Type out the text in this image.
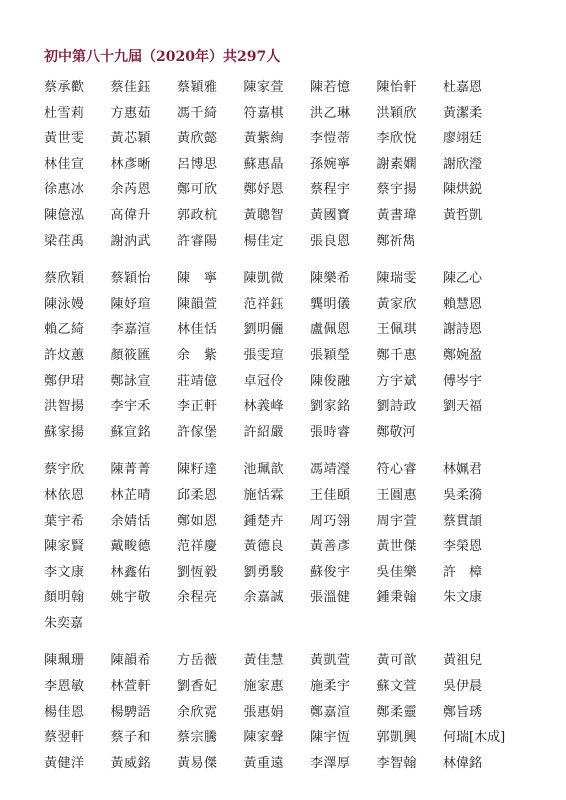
初中第八十九屆（2020年）共297人
蔡承歡	蔡佳鈺	蔡穎雅	陳家萱	陳若憶	陳怡軒	杜嘉恩
杜雪莉	方惠茹	馮千綺	符嘉棋	洪乙琳	洪穎欣	黃潔柔
黃世雯	黃芯穎	黃欣懿	黃紫絢	李愷蒂	李欣悅	廖翊廷
林佳宣	林彥晰	呂博思	蘇惠晶	孫婉寧	謝素嫻	謝欣瀅
徐惠冰	余芮恩	鄭可欣	鄭妤恩	蔡程宇	蔡宇揚	陳烘鋭
陳億泓	高偉升	郭政杭	黃聰智	黃國寶	黃書瑋	黃哲凱
梁荏禹	謝汭武	許睿陽	楊佳定	張良恩	鄭祈雋
蔡欣穎	蔡穎怡	陳　寧	陳凱微	陳樂希	陳瑞雯	陳乙心
陳泳嫚	陳妤瑄	陳韻萱	范祥鈺	龔明儀	黃家欣	賴慧恩
賴乙綺	李嘉渲	林佳恬	劉明儷	盧佩恩	王佩琪	謝詩恩
許炆蕙	顏筱匯	余　紫	張雯瑄	張穎瑩	鄭千惠	鄭婉盈
鄭伊珺	鄭詠宣	莊靖億	卓冠伶	陳俊融	方宇斌	傅岑宇
洪智揚	李宇禾	李正軒	林義峰	劉家銘	劉詩政	劉天福
蘇家揚	蘇宣銘	許傢堡	許紹嚴	張時睿	鄭敬河
蔡宇欣	陳菁菁	陳籽達	池珮歆	馮靖瀅	符心睿	林姵君
林依恩	林芷晴	邱柔恩	施恬霖	王佳頤	王圓惠	吳柔漪
葉宇希	余婧恬	鄭如恩	鍾楚卉	周巧翎	周宇萱	蔡貫頡
陳家賢	戴畯德	范祥慶	黃德良	黃善彥	黃世傑	李榮恩
李文康	林鑫佑	劉恆毅	劉勇駿	蘇俊宇	吳佳樂	許　樟
顏明翰	姚宇敬	余程亮	余嘉誠	張溫健	鍾秉翰	朱文康
朱奕嘉
陳珮珊	陳韻希	方岳薇	黃佳慧	黃凱萱	黃可歆	黃祖兒
李恩敏	林萱軒	劉香妃	施家惠	施柔宇	蘇文萱	吳伊晨
楊佳恩	楊騁語	余欣霓	張惠娟	鄭嘉渲	鄭柔靈	鄭旨琇
蔡翌軒	蔡子和	蔡宗騰	陳家聲	陳宇恆	郭凱興	何瑞[木成]
黃健洋	黃威銘	黃易傑	黃重遠	李澤厚	李智翰	林偉銘
